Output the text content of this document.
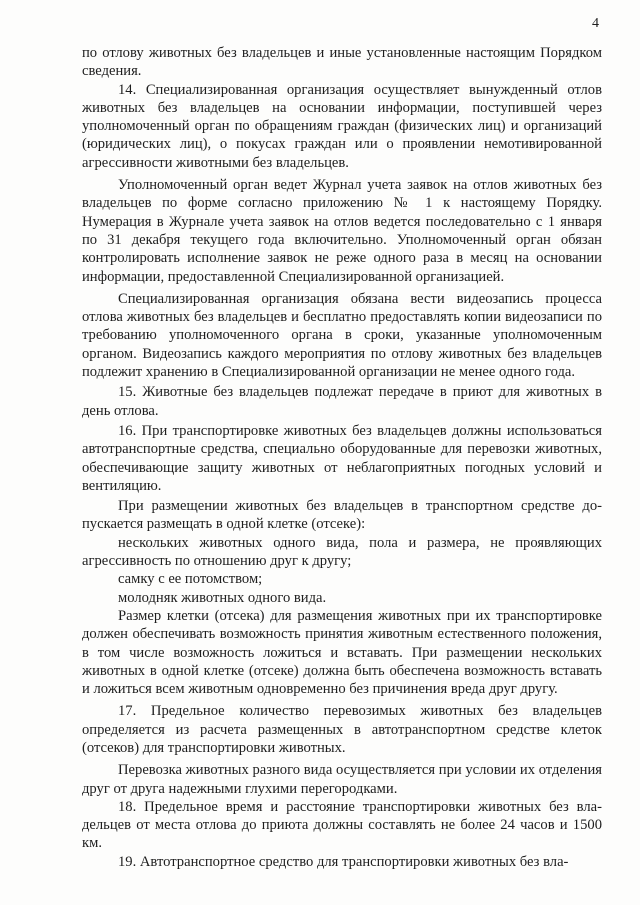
4

по отлову животных без владельцев и иные установленные настоящим Порядком сведения.

14. Специализированная организация осуществляет вынужденный отлов животных без владельцев на основании информации, поступившей через уполномоченный орган по обращениям граждан (физических лиц) и организаций (юридических лиц), о покусах граждан или о проявлении немотивированной агрессивности животными без владельцев.

Уполномоченный орган ведет Журнал учета заявок на отлов животных без владельцев по форме согласно приложению № 1 к настоящему Порядку. Нумерация в Журнале учета заявок на отлов ведется последовательно с 1 января по 31 декабря текущего года включительно. Уполномоченный орган обязан контролировать исполнение заявок не реже одного раза в месяц на основании информации, предоставленной Специализированной организацией.

Специализированная организация обязана вести видеозапись процесса отлова животных без владельцев и бесплатно предоставлять копии видеозаписи по требованию уполномоченного органа в сроки, указанные уполномоченным органом. Видеозапись каждого мероприятия по отлову животных без владельцев подлежит хранению в Специализированной организации не менее одного года.

15. Животные без владельцев подлежат передаче в приют для животных в день отлова.

16. При транспортировке животных без владельцев должны использоваться автотранспортные средства, специально оборудованные для перевозки животных, обеспечивающие защиту животных от неблагоприятных погодных условий и вентиляцию.

При размещении животных без владельцев в транспортном средстве допускается размещать в одной клетке (отсеке):

нескольких животных одного вида, пола и размера, не проявляющих агрессивность по отношению друг к другу;

самку с ее потомством;

молодняк животных одного вида.

Размер клетки (отсека) для размещения животных при их транспортировке должен обеспечивать возможность принятия животным естественного положения, в том числе возможность ложиться и вставать. При размещении нескольких животных в одной клетке (отсеке) должна быть обеспечена возможность вставать и ложиться всем животным одновременно без причинения вреда друг другу.

17. Предельное количество перевозимых животных без владельцев определяется из расчета размещенных в автотранспортном средстве клеток (отсеков) для транспортировки животных.

Перевозка животных разного вида осуществляется при условии их отделения друг от друга надежными глухими перегородками.

18. Предельное время и расстояние транспортировки животных без владельцев от места отлова до приюта должны составлять не более 24 часов и 1500 км.

19. Автотранспортное средство для транспортировки животных без вла-
